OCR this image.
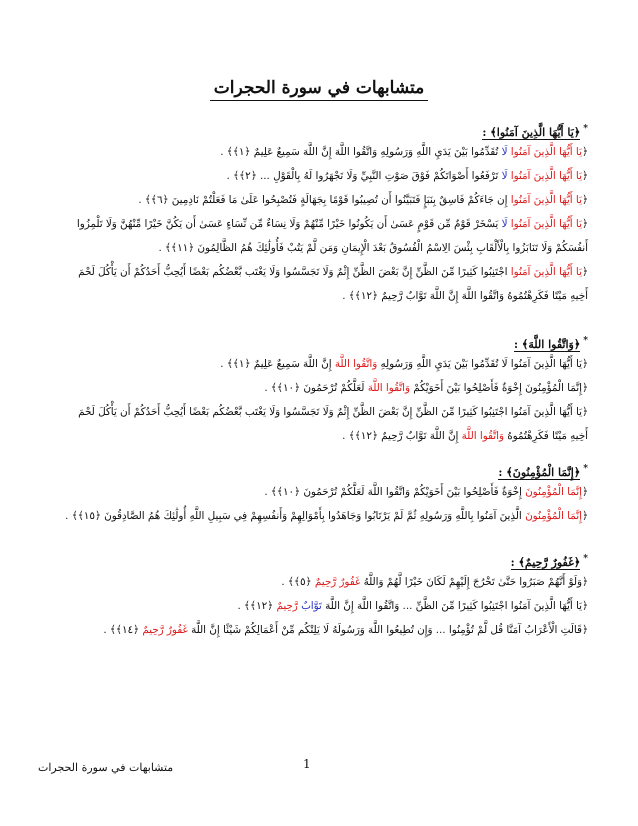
متشابهات في سورة الحجرات
*﴿يَا أَيُّهَا الَّذِينَ آمَنُوا﴾ :
﴿يَا أَيُّهَا الَّذِينَ آمَنُوا لَا تُقَدِّمُوا بَيْنَ يَدَيِ اللَّهِ وَرَسُولِهِ وَاتَّقُوا اللَّهَ إِنَّ اللَّهَ سَمِيعٌ عَلِيمٌ ﴿١﴾﴾ .
﴿يَا أَيُّهَا الَّذِينَ آمَنُوا لَا تَرْفَعُوا أَصْوَاتَكُمْ فَوْقَ صَوْتِ النَّبِيِّ وَلَا تَجْهَرُوا لَهُ بِالْقَوْلِ ... ﴿٢﴾﴾ .
﴿يَا أَيُّهَا الَّذِينَ آمَنُوا إِن جَاءَكُمْ فَاسِقٌ بِنَبَإٍ فَتَبَيَّنُوا أَن تُصِيبُوا قَوْمًا بِجَهَالَةٍ فَتُصْبِحُوا عَلَىٰ مَا فَعَلْتُمْ نَادِمِينَ ﴿٦﴾﴾ .
﴿يَا أَيُّهَا الَّذِينَ آمَنُوا لَا يَسْخَرْ قَوْمٌ مِّن قَوْمٍ عَسَىٰ أَن يَكُونُوا خَيْرًا مِّنْهُمْ وَلَا نِسَاءٌ مِّن نِّسَاءٍ عَسَىٰ أَن يَكُنَّ خَيْرًا مِّنْهُنَّ وَلَا تَلْمِزُوا
أَنفُسَكُمْ وَلَا تَنَابَزُوا بِالْأَلْقَابِ بِئْسَ الِاسْمُ الْفُسُوقُ بَعْدَ الْإِيمَانِ وَمَن لَّمْ يَتُبْ فَأُولَٰئِكَ هُمُ الظَّالِمُونَ ﴿١١﴾﴾ .
﴿يَا أَيُّهَا الَّذِينَ آمَنُوا اجْتَنِبُوا كَثِيرًا مِّنَ الظَّنِّ إِنَّ بَعْضَ الظَّنِّ إِثْمٌ وَلَا تَجَسَّسُوا وَلَا يَغْتَب بَّعْضُكُم بَعْضًا أَيُحِبُّ أَحَدُكُمْ أَن يَأْكُلَ لَحْمَ
أَخِيهِ مَيْتًا فَكَرِهْتُمُوهُ وَاتَّقُوا اللَّهَ إِنَّ اللَّهَ تَوَّابٌ رَّحِيمٌ ﴿١٢﴾﴾ .
*﴿وَاتَّقُوا اللَّهَ﴾ :
﴿يَا أَيُّهَا الَّذِينَ آمَنُوا لَا تُقَدِّمُوا بَيْنَ يَدَيِ اللَّهِ وَرَسُولِهِ وَاتَّقُوا اللَّهَ إِنَّ اللَّهَ سَمِيعٌ عَلِيمٌ ﴿١﴾﴾ .
﴿إِنَّمَا الْمُؤْمِنُونَ إِخْوَةٌ فَأَصْلِحُوا بَيْنَ أَخَوَيْكُمْ وَاتَّقُوا اللَّهَ لَعَلَّكُمْ تُرْحَمُونَ ﴿١٠﴾﴾ .
﴿يَا أَيُّهَا الَّذِينَ آمَنُوا اجْتَنِبُوا كَثِيرًا مِّنَ الظَّنِّ إِنَّ بَعْضَ الظَّنِّ إِثْمٌ وَلَا تَجَسَّسُوا وَلَا يَغْتَب بَّعْضُكُم بَعْضًا أَيُحِبُّ أَحَدُكُمْ أَن يَأْكُلَ لَحْمَ
أَخِيهِ مَيْتًا فَكَرِهْتُمُوهُ وَاتَّقُوا اللَّهَ إِنَّ اللَّهَ تَوَّابٌ رَّحِيمٌ ﴿١٢﴾﴾ .
*﴿إِنَّمَا الْمُؤْمِنُونَ﴾ :
﴿إِنَّمَا الْمُؤْمِنُونَ إِخْوَةٌ فَأَصْلِحُوا بَيْنَ أَخَوَيْكُمْ وَاتَّقُوا اللَّهَ لَعَلَّكُمْ تُرْحَمُونَ ﴿١٠﴾﴾ .
﴿إِنَّمَا الْمُؤْمِنُونَ الَّذِينَ آمَنُوا بِاللَّهِ وَرَسُولِهِ ثُمَّ لَمْ يَرْتَابُوا وَجَاهَدُوا بِأَمْوَالِهِمْ وَأَنفُسِهِمْ فِي سَبِيلِ اللَّهِ أُولَٰئِكَ هُمُ الصَّادِقُونَ ﴿١٥﴾﴾ .
*﴿غَفُورٌ رَّحِيمٌ﴾ :
﴿وَلَوْ أَنَّهُمْ صَبَرُوا حَتَّىٰ تَخْرُجَ إِلَيْهِمْ لَكَانَ خَيْرًا لَّهُمْ وَاللَّهُ غَفُورٌ رَّحِيمٌ ﴿٥﴾﴾ .
﴿يَا أَيُّهَا الَّذِينَ آمَنُوا اجْتَنِبُوا كَثِيرًا مِّنَ الظَّنِّ ... وَاتَّقُوا اللَّهَ إِنَّ اللَّهَ تَوَّابٌ رَّحِيمٌ ﴿١٢﴾﴾ .
﴿قَالَتِ الْأَعْرَابُ آمَنَّا قُل لَّمْ تُؤْمِنُوا ... وَإِن تُطِيعُوا اللَّهَ وَرَسُولَهُ لَا يَلِتْكُم مِّنْ أَعْمَالِكُمْ شَيْئًا إِنَّ اللَّهَ غَفُورٌ رَّحِيمٌ ﴿١٤﴾﴾ .
1
متشابهات في سورة الحجرات
